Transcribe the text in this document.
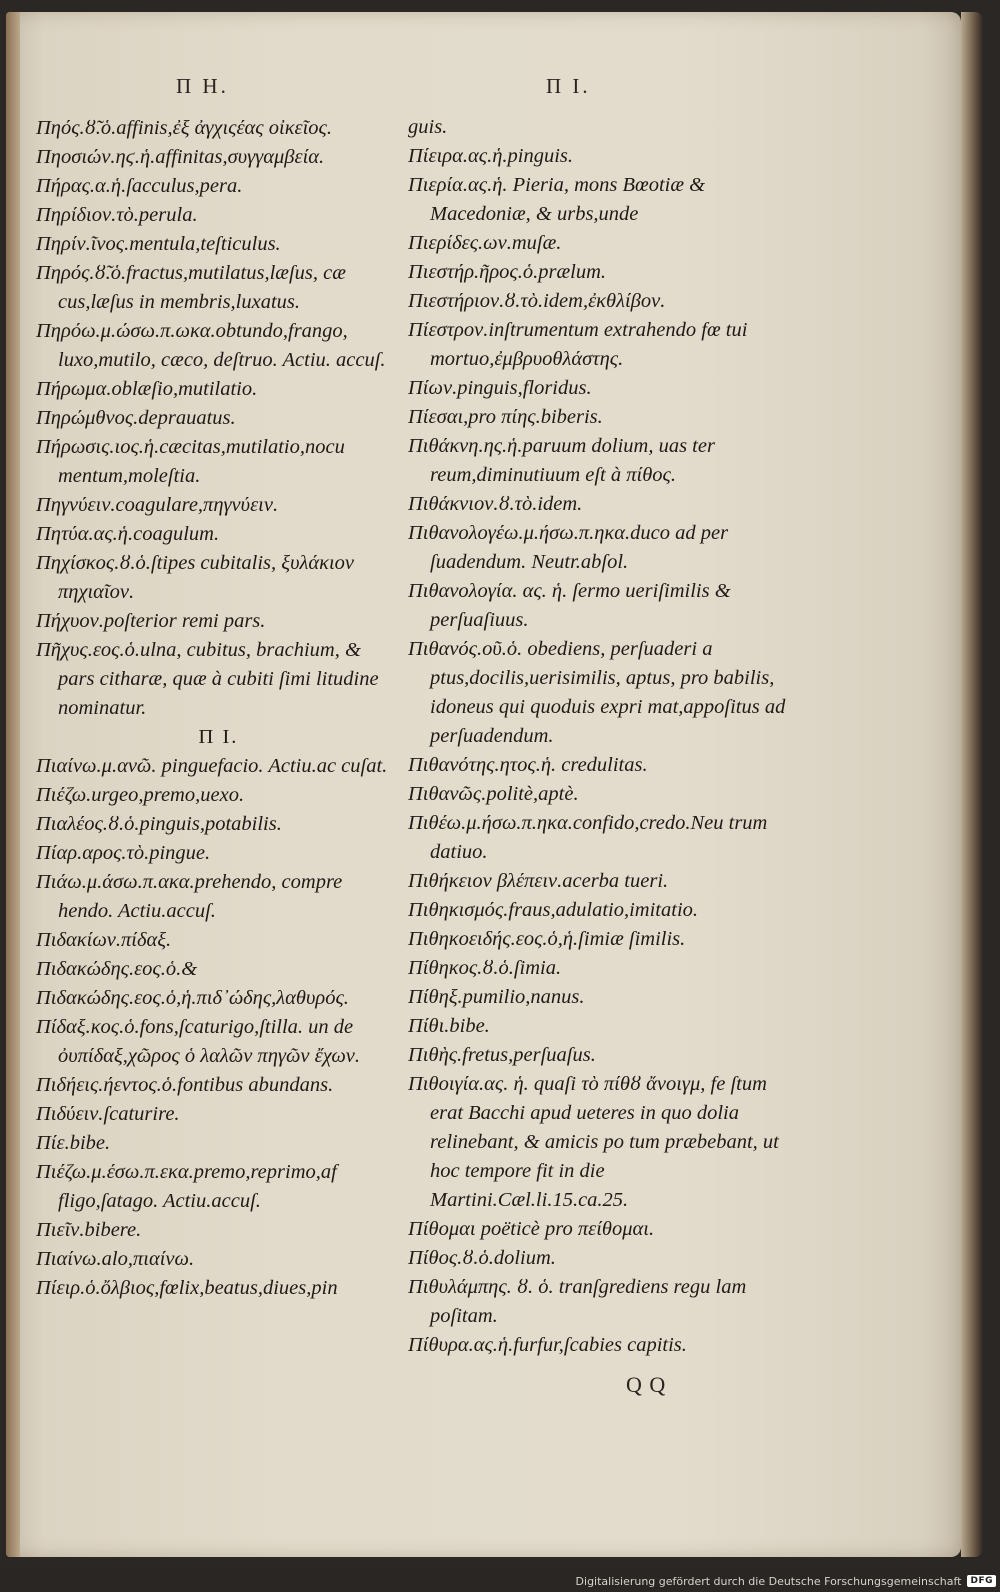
Π Η.	Π Ι.

Πηός.ȣ̃.ὁ.affinis,ἐξ ἀγχιςέας οἰκεῖος.

Πηοσιών.ηϛ.ἡ.affinitas,συγγαμβεία.

Πήρας.α.ἡ.ſacculus,pera.

Πηρίδιον.τὸ.perula.

Πηρίν.ῖνος.mentula,teſticulus.

Πηρός.ȣ̃.ὁ.fractus,mutilatus,læſus, cæ cus,læſus in membris,luxatus.

Πηρόω.μ.ώσω.π.ωκα.obtundo,frango, luxo,mutilo, cæco, deſtruo. Actiu. accuſ.

Πήρωμα.oblæſio,mutilatio.

Πηρώμθνος.deprauatus.

Πήρωσις.ιος.ἡ.cæcitas,mutilatio,nocu mentum,moleſtia.

Πηγνύειν.coagulare,πηγνύειν.

Πητύα.ας.ἡ.coagulum.

Πηχίσκος.ȣ.ὁ.ſtipes cubitalis, ξυλάκιον πηχιαῖον.

Πήχυον.poſterior remi pars.

Πῆχυς.εος.ὁ.ulna, cubitus, brachium, & pars citharæ, quæ à cubiti ſimi litudine nominatur.

Π Ι.

Πιαίνω.μ.ανῶ. pinguefacio. Actiu.ac cuſat.

Πιέζω.urgeo,premo,uexo.

Πιαλέος.ȣ.ὁ.pinguis,potabilis.

Πίαρ.αρος.τὸ.pingue.

Πιάω.μ.άσω.π.ακα.prehendo, compre hendo. Actiu.accuſ.

Πιδακίων.πίδαξ.

Πιδακώδης.εος.ὁ.&

Πιδακώδης.εος.ὁ,ἡ.πιδ᾽ώδης,λαθυρός.

Πίδαξ.κος.ὁ.fons,ſcaturigo,ſtilla. un de ὀυπίδαξ,χῶρος ὁ λαλῶν πηγῶν ἔχων.

Πιδήεις.ήεντος.ὁ.fontibus abundans.

Πιδύειν.ſcaturire.

Πίε.bibe.

Πιέζω.μ.έσω.π.εκα.premo,reprimo,af fligo,ſatago. Actiu.accuſ.

Πιεῖν.bibere.

Πιαίνω.alo,πιαίνω.

Πίειρ.ὁ.ὄλβιος,fœlix,beatus,diues,pin

guis.

Πίειρα.ας.ἡ.pinguis.

Πιερία.ας.ἡ. Pieria, mons Bœotiæ & Macedoniæ, & urbs,unde

Πιερίδες.ων.muſæ.

Πιεστήρ.ῆρος.ὁ.prælum.

Πιεστήριον.ȣ.τὸ.idem,ἐκθλίβον.

Πίεστρον.inſtrumentum extrahendo fœ tui mortuo,ἐμβρυοθλάστης.

Πίων.pinguis,floridus.

Πίεσαι,pro πίης.biberis.

Πιθάκνη.ης.ἡ.paruum dolium, uas ter reum,diminutiuum eſt à πίθος.

Πιθάκνιον.ȣ.τὸ.idem.

Πιθανολογέω.μ.ήσω.π.ηκα.duco ad per ſuadendum. Neutr.abſol.

Πιθανολογία. ας. ἡ. ſermo ueriſimilis & perſuaſiuus.

Πιθανός.οῦ.ὁ. obediens, perſuaderi a ptus,docilis,uerisimilis, aptus, pro babilis, idoneus qui quoduis expri mat,appoſitus ad perſuadendum.

Πιθανότης.ητος.ἡ. credulitas.

Πιθανῶς.politè,aptè.

Πιθέω.μ.ήσω.π.ηκα.confido,credo.Neu trum datiuo.

Πιθήκειον βλέπειν.acerba tueri.

Πιθηκισμός.fraus,adulatio,imitatio.

Πιθηκοειδής.εος.ὁ,ἡ.ſimiæ ſimilis.

Πίθηκος.ȣ.ὁ.ſimia.

Πίθηξ.pumilio,nanus.

Πίθι.bibe.

Πιθὴς.fretus,perſuaſus.

Πιθοιγία.ας. ἡ. quaſi τὸ πίθȣ ἄνοιγμ, fe ſtum erat Bacchi apud ueteres in quo dolia relinebant, & amicis po tum præbebant, ut hoc tempore fit in die Martini.Cæl.li.15.ca.25.

Πίθομαι poëticè pro πείθομαι.

Πίθος.ȣ.ὁ.dolium.

Πιθυλάμπης. ȣ. ὁ. tranſgrediens regu lam poſitam.

Πίθυρα.ας.ἡ.furfur,ſcabies capitis.

Q Q
Digitalisierung gefördert durch die Deutsche Forschungsgemeinschaft	DFG
